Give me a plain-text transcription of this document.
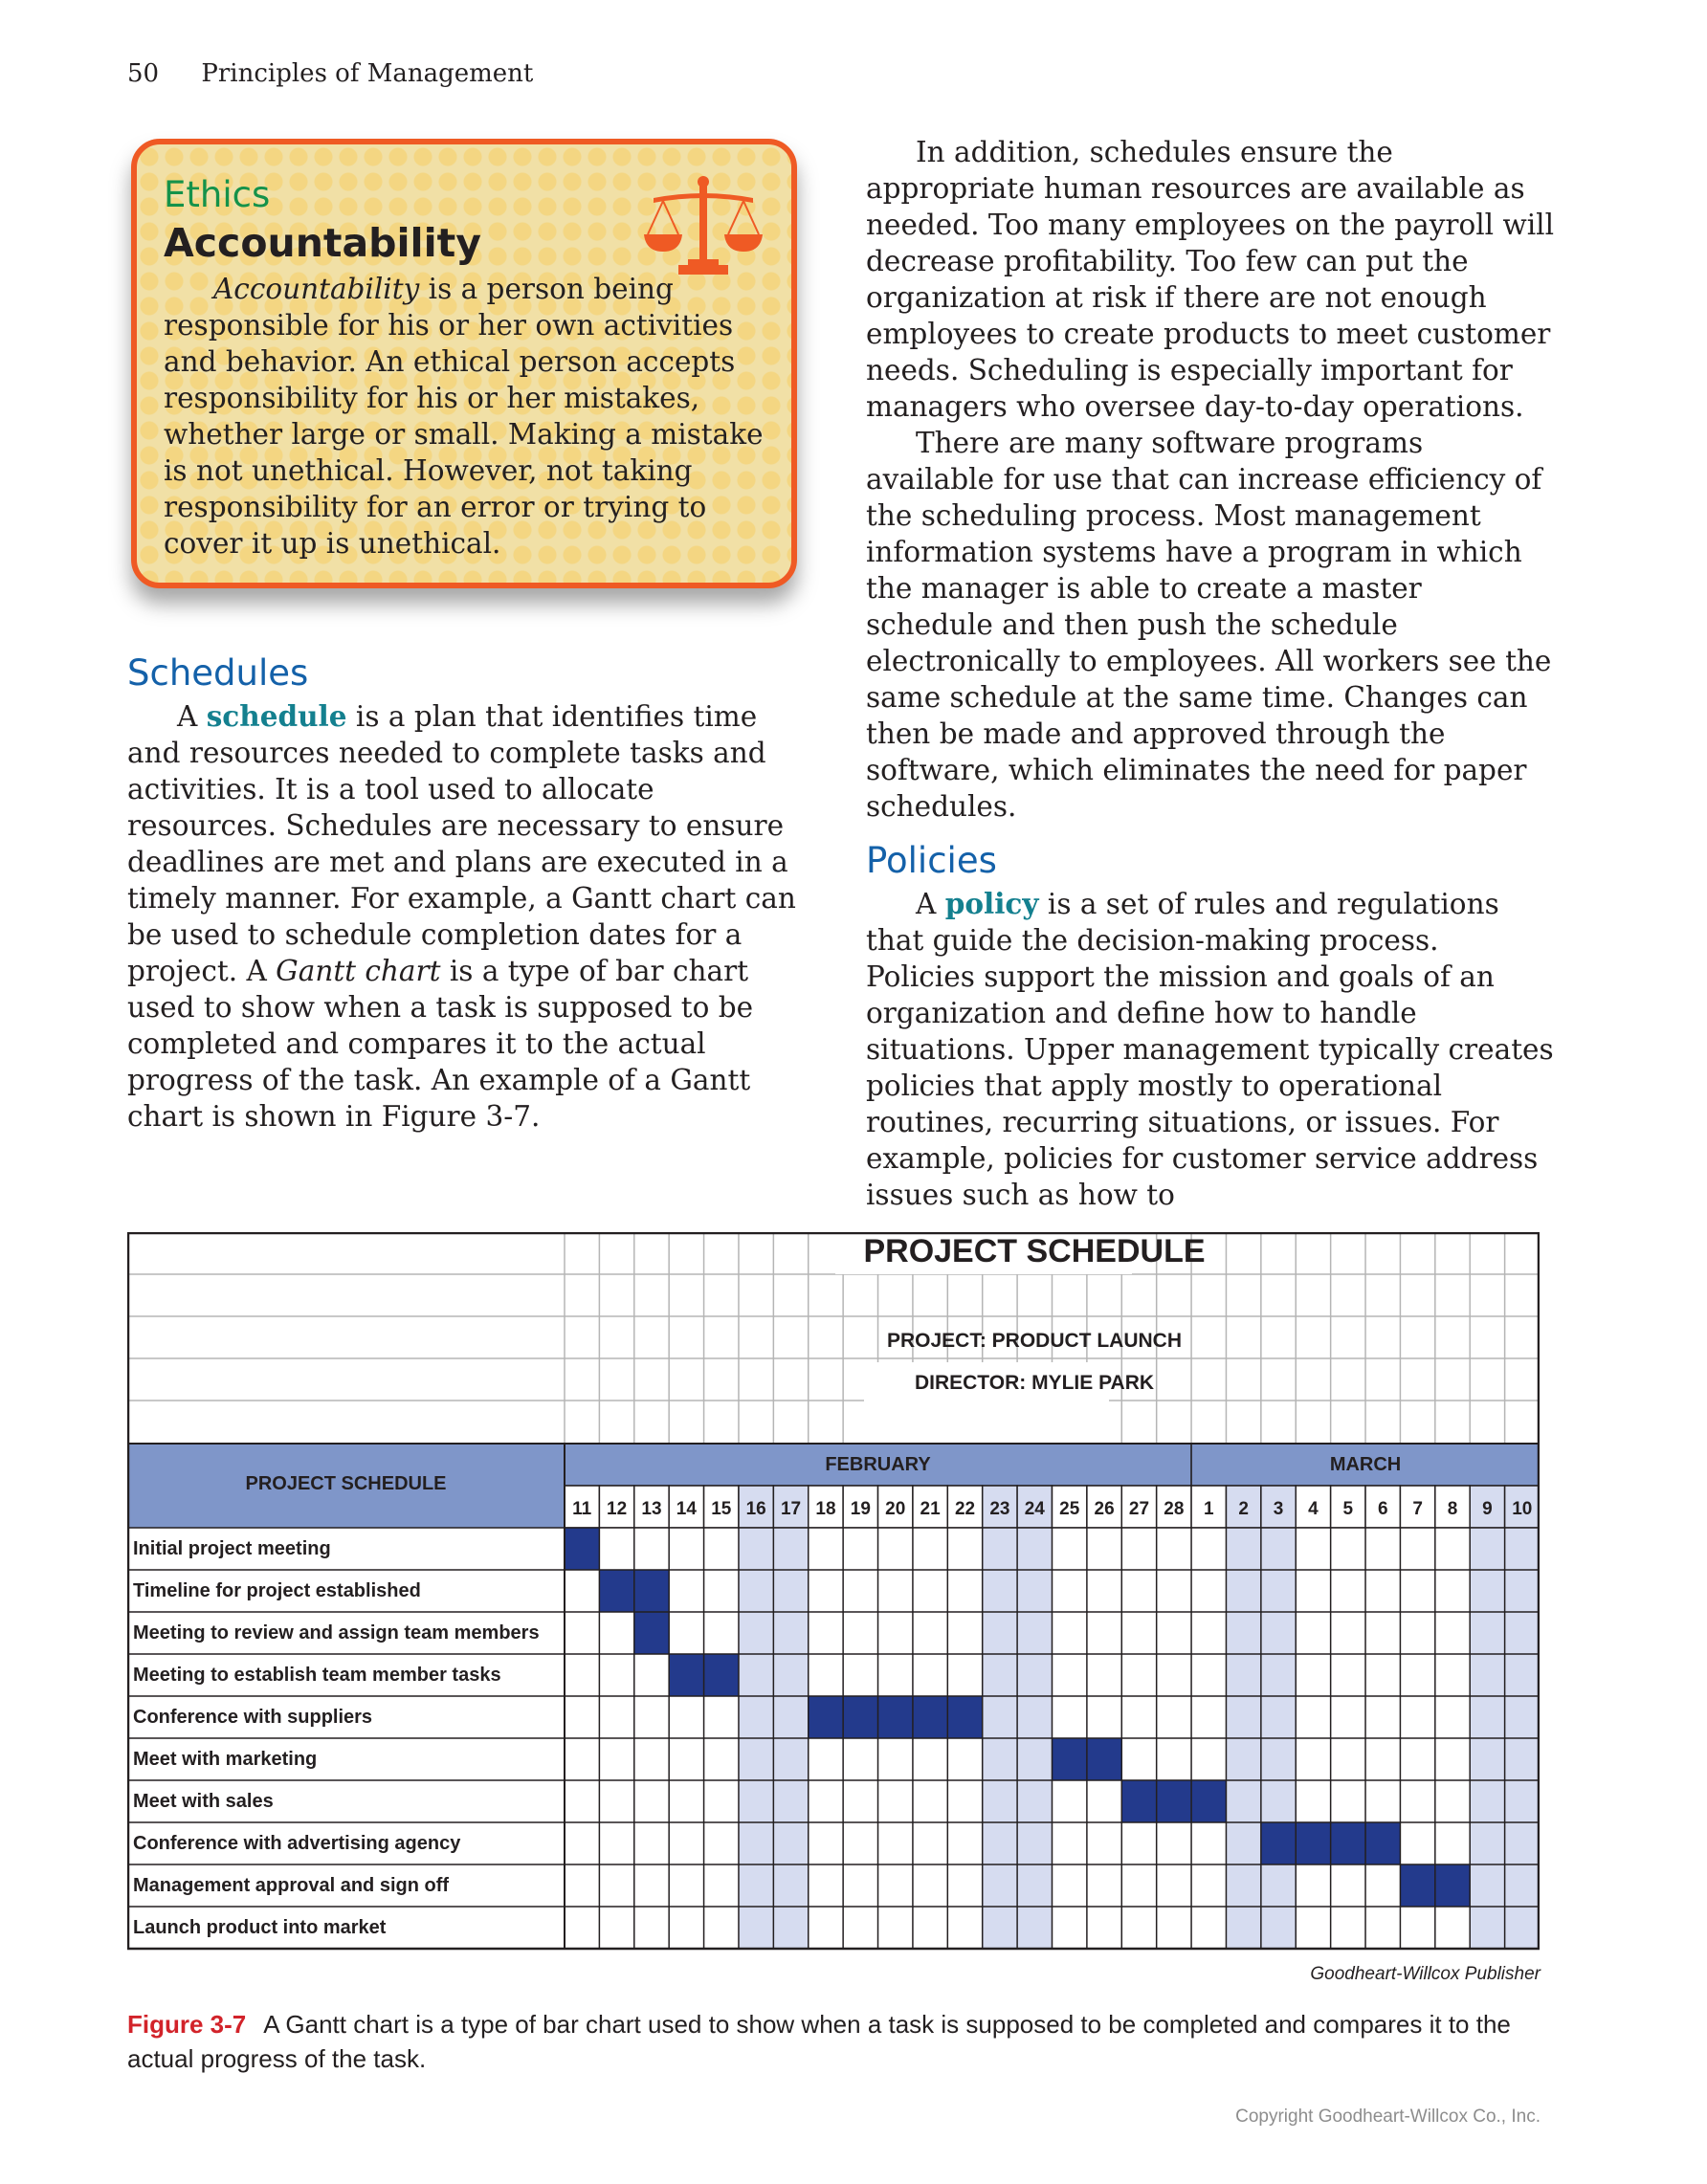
50 Principles of Management
Ethics
Accountability

Accountability is a person being responsible for his or her own activities and behavior. An ethical person accepts responsibility for his or her mistakes, whether large or small. Making a mistake is not unethical. However, not taking responsibility for an error or trying to cover it up is unethical.

Schedules

A schedule is a plan that identifies time and resources needed to complete tasks and activities. It is a tool used to allocate resources. Schedules are necessary to ensure deadlines are met and plans are executed in a timely manner. For example, a Gantt chart can be used to schedule completion dates for a project. A Gantt chart is a type of bar chart used to show when a task is supposed to be completed and compares it to the actual progress of the task. An example of a Gantt chart is shown in Figure 3-7.

In addition, schedules ensure the appropriate human resources are available as needed. Too many employees on the payroll will decrease profitability. Too few can put the organization at risk if there are not enough employees to create products to meet customer needs. Scheduling is especially important for managers who oversee day-to-day operations.

There are many software programs available for use that can increase efficiency of the scheduling process. Most management information systems have a program in which the manager is able to create a master schedule and then push the schedule electronically to employees. All workers see the same schedule at the same time. Changes can then be made and approved through the software, which eliminates the need for paper schedules.

Policies

A policy is a set of rules and regulations that guide the decision-making process. Policies support the mission and goals of an organization and define how to handle situations. Upper management typically creates policies that apply mostly to operational routines, recurring situations, or issues. For example, policies for customer service address issues such as how to

PROJECT SCHEDULE
PROJECT: PRODUCT LAUNCH
DIRECTOR: MYLIE PARK
PROJECT SCHEDULE
FEBRUARY	MARCH
11 12 13 14 15 16 17 18 19 20 21 22 23 24 25 26 27 28 1 2 3 4 5 6 7 8 9 10
Initial project meeting
Timeline for project established
Meeting to review and assign team members
Meeting to establish team member tasks
Conference with suppliers
Meet with marketing
Meet with sales
Conference with advertising agency
Management approval and sign off
Launch product into market
Goodheart-Willcox Publisher
Figure 3-7 A Gantt chart is a type of bar chart used to show when a task is supposed to be completed and compares it to the actual progress of the task.
Copyright Goodheart-Willcox Co., Inc.
